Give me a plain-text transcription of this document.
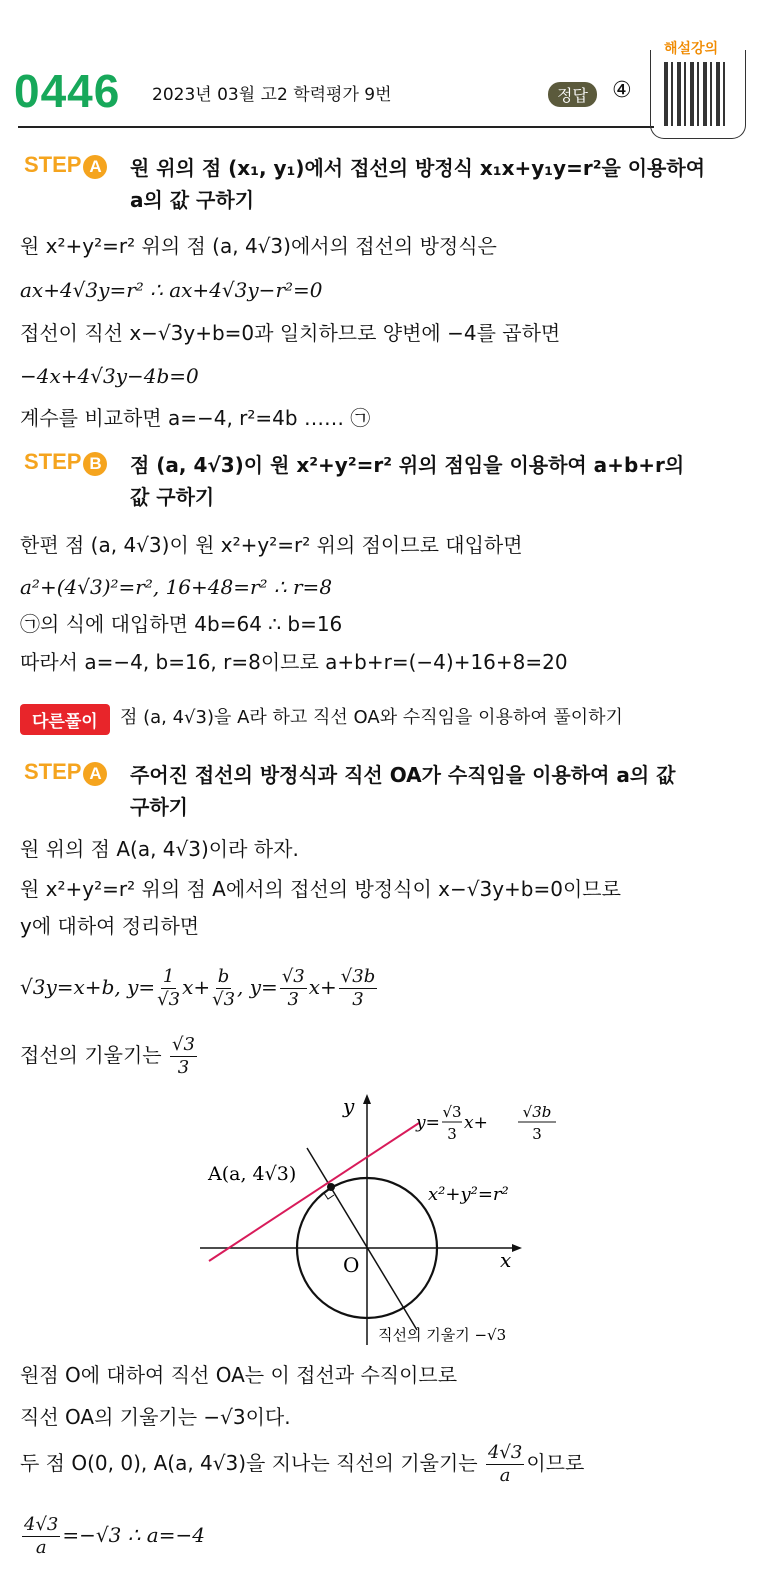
0446 2023년 03월 고2 학력평가 9번	정답	④
해설강의
STEP A 원 위의 점 (x₁, y₁)에서 접선의 방정식 x₁x+y₁y=r²을 이용하여
a의 값 구하기
원 x²+y²=r² 위의 점 (a, 4√3)에서의 접선의 방정식은
ax+4√3y=r² ∴ ax+4√3y−r²=0
접선이 직선 x−√3y+b=0과 일치하므로 양변에 −4를 곱하면
−4x+4√3y−4b=0
계수를 비교하면 a=−4, r²=4b …… ㉠
STEP B 점 (a, 4√3)이 원 x²+y²=r² 위의 점임을 이용하여 a+b+r의
값 구하기
한편 점 (a, 4√3)이 원 x²+y²=r² 위의 점이므로 대입하면
a²+(4√3)²=r², 16+48=r² ∴ r=8
㉠의 식에 대입하면 4b=64 ∴ b=16
따라서 a=−4, b=16, r=8이므로 a+b+r=(−4)+16+8=20
다른풀이	점 (a, 4√3)을 A라 하고 직선 OA와 수직임을 이용하여 풀이하기
STEP A 주어진 접선의 방정식과 직선 OA가 수직임을 이용하여 a의 값
구하기
원 위의 점 A(a, 4√3)이라 하자.
원 x²+y²=r² 위의 점 A에서의 접선의 방정식이 x−√3y+b=0이므로
y에 대하여 정리하면
√3y=x+b, $y= \frac{1}{√3} x+ \frac{b}{√3}$ , $y= \frac{√3}{3} x+ \frac{√3b}{3}$
접선의 기울기는 $\frac{√3}{3}$
y
x
O
A(a, 4√3)
x²+y²=r²
y=
√3
3
x+
√3b
3
직선의 기울기 −√3
원점 O에 대하여 직선 OA는 이 접선과 수직이므로
직선 OA의 기울기는 −√3이다.
두 점 O(0, 0), A(a, 4√3)을 지나는 직선의 기울기는 $\frac{4√3}{a}$ 이므로
$\frac{4√3}{a} =-√3$ ∴ a=−4
